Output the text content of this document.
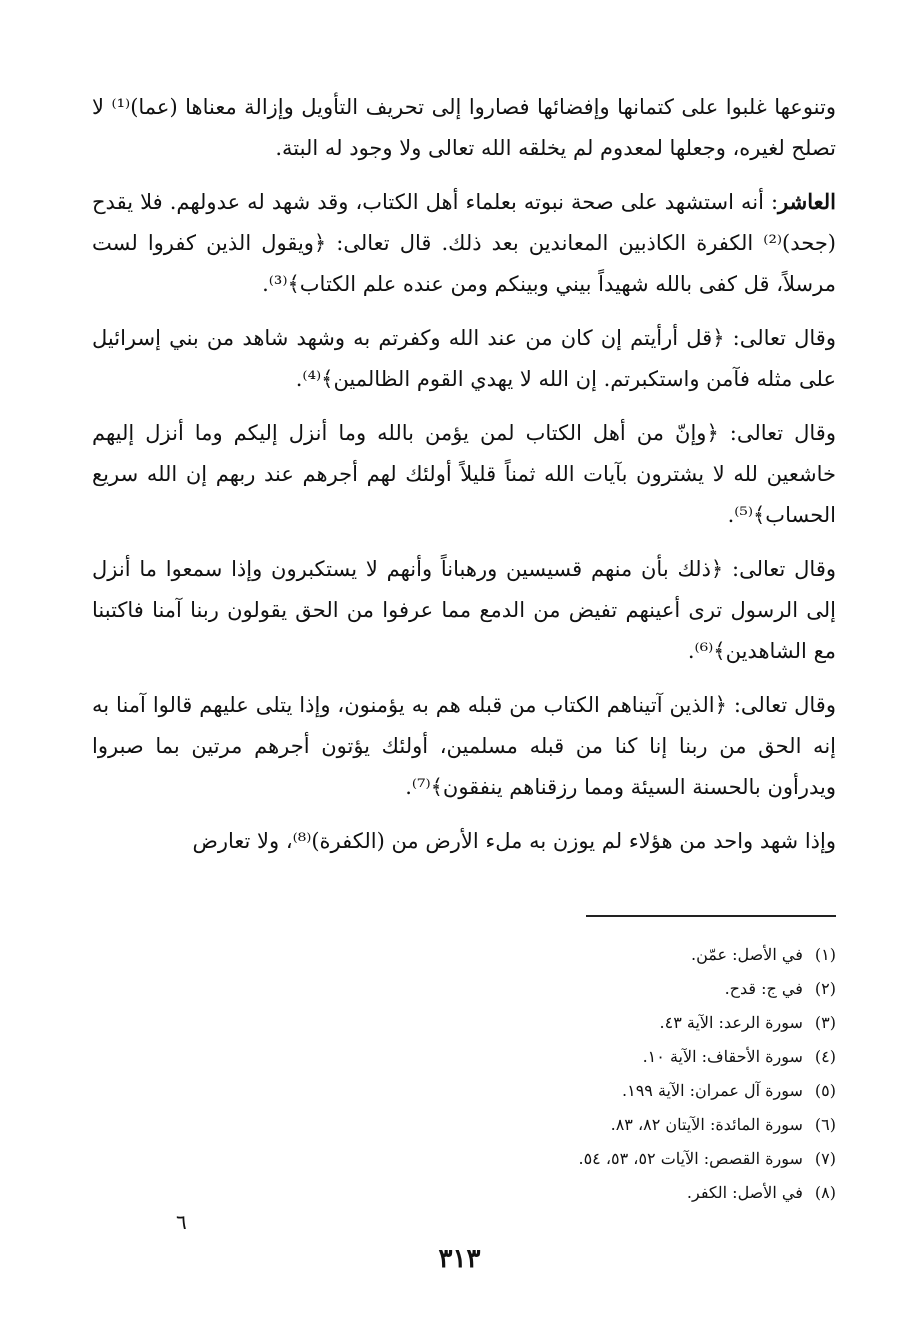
وتنوعها غلبوا على كتمانها وإفضائها فصاروا إلى تحريف التأويل وإزالة معناها (عما)⁽¹⁾ لا تصلح لغيره، وجعلها لمعدوم لم يخلقه الله تعالى ولا وجود له البتة.

العاشر: أنه استشهد على صحة نبوته بعلماء أهل الكتاب، وقد شهد له عدولهم. فلا يقدح (جحد)⁽²⁾ الكفرة الكاذبين المعاندين بعد ذلك. قال تعالى: ﴿ويقول الذين كفروا لست مرسلاً، قل كفى بالله شهيداً بيني وبينكم ومن عنده علم الكتاب﴾⁽³⁾.

وقال تعالى: ﴿قل أرأيتم إن كان من عند الله وكفرتم به وشهد شاهد من بني إسرائيل على مثله فآمن واستكبرتم. إن الله لا يهدي القوم الظالمين﴾⁽⁴⁾.

وقال تعالى: ﴿وإنّ من أهل الكتاب لمن يؤمن بالله وما أنزل إليكم وما أنزل إليهم خاشعين لله لا يشترون بآيات الله ثمناً قليلاً أولئك لهم أجرهم عند ربهم إن الله سريع الحساب﴾⁽⁵⁾.

وقال تعالى: ﴿ذلك بأن منهم قسيسين ورهباناً وأنهم لا يستكبرون وإذا سمعوا ما أنزل إلى الرسول ترى أعينهم تفيض من الدمع مما عرفوا من الحق يقولون ربنا آمنا فاكتبنا مع الشاهدين﴾⁽⁶⁾.

وقال تعالى: ﴿الذين آتيناهم الكتاب من قبله هم به يؤمنون، وإذا يتلى عليهم قالوا آمنا به إنه الحق من ربنا إنا كنا من قبله مسلمين، أولئك يؤتون أجرهم مرتين بما صبروا ويدرأون بالحسنة السيئة ومما رزقناهم ينفقون﴾⁽⁷⁾.

وإذا شهد واحد من هؤلاء لم يوزن به ملء الأرض من (الكفرة)⁽⁸⁾، ولا تعارض

(١)في الأصل: عمّن.
(٢)في ج: قدح.
(٣)سورة الرعد: الآية ٤٣.
(٤)سورة الأحقاف: الآية ١٠.
(٥)سورة آل عمران: الآية ١٩٩.
(٦)سورة المائدة: الآيتان ٨٢، ٨٣.
(٧)سورة القصص: الآيات ٥٢، ٥٣، ٥٤.
(٨)في الأصل: الكفر.
٦
٣١٣
